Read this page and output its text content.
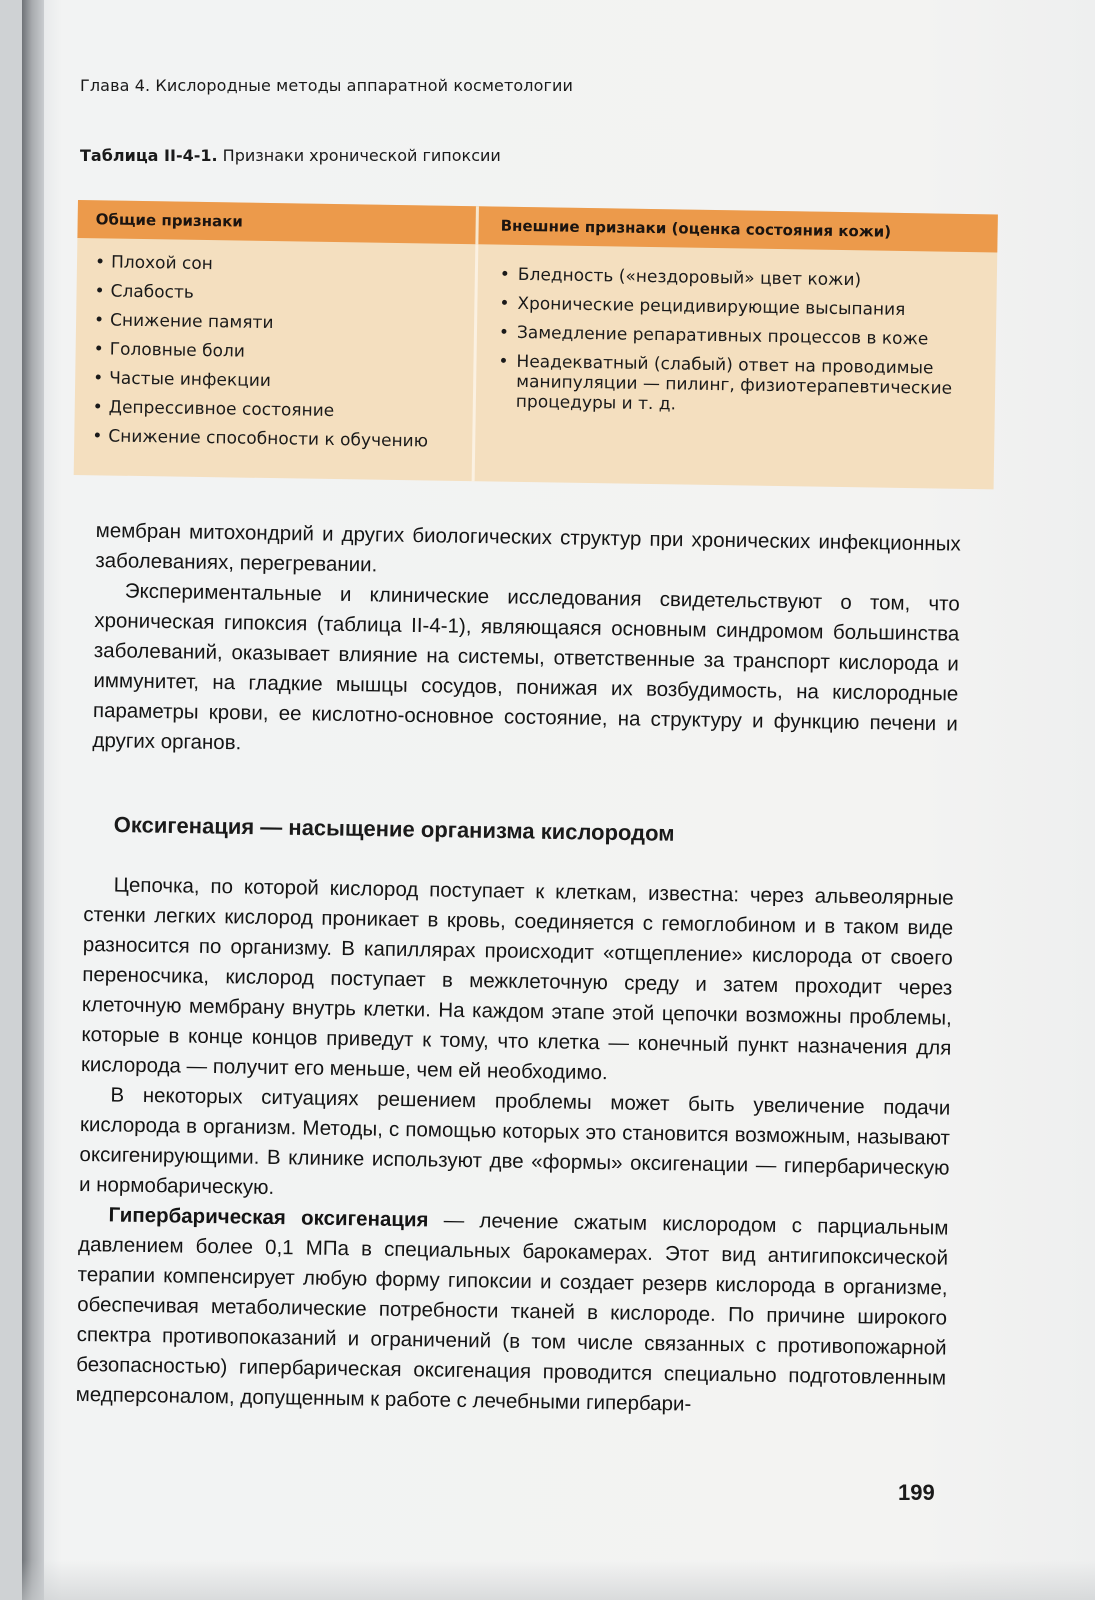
Глава 4. Кислородные методы аппаратной косметологии
Таблица II-4-1. Признаки хронической гипоксии
Общие признаки	Внешние признаки (оценка состояния кожи)
• Плохой сон
• Слабость
• Снижение памяти
• Головные боли
• Частые инфекции
• Депрессивное состояние
• Снижение способности к обучению
• Бледность («нездоровый» цвет кожи)
• Хронические рецидивирующие высыпания
• Замедление репаративных процессов в коже
• Неадекватный (слабый) ответ на проводимые манипуляции — пилинг, физиотерапевтические процедуры и т. д.

мембран митохондрий и других биологических структур при хронических инфекционных заболеваниях, перегревании.

Экспериментальные и клинические исследования свидетельствуют о том, что хроническая гипоксия (таблица II-4-1), являющаяся основным синдромом большинства заболеваний, оказывает влияние на системы, ответственные за транспорт кислорода и иммунитет, на гладкие мышцы сосудов, понижая их возбудимость, на кислородные параметры крови, ее кислотно-основное состояние, на структуру и функцию печени и других органов.

Оксигенация — насыщение организма кислородом

Цепочка, по которой кислород поступает к клеткам, известна: через альвеолярные стенки легких кислород проникает в кровь, соединяется с гемоглобином и в таком виде разносится по организму. В капиллярах происходит «отщепление» кислорода от своего переносчика, кислород поступает в межклеточную среду и затем проходит через клеточную мембрану внутрь клетки. На каждом этапе этой цепочки возможны проблемы, которые в конце концов приведут к тому, что клетка — конечный пункт назначения для кислорода — получит его меньше, чем ей необходимо.

В некоторых ситуациях решением проблемы может быть увеличение подачи кислорода в организм. Методы, с помощью которых это становится возможным, называют оксигенирующими. В клинике используют две «формы» оксигенации — гипербарическую и нормобарическую.

Гипербарическая оксигенация — лечение сжатым кислородом с парциальным давлением более 0,1 МПа в специальных барокамерах. Этот вид антигипоксической терапии компенсирует любую форму гипоксии и создает резерв кислорода в организме, обеспечивая метаболические потребности тканей в кислороде. По причине широкого спектра противопоказаний и ограничений (в том числе связанных с противопожарной безопасностью) гипербарическая оксигенация проводится специально подготовленным медперсоналом, допущенным к работе с лечебными гипербари-

199
